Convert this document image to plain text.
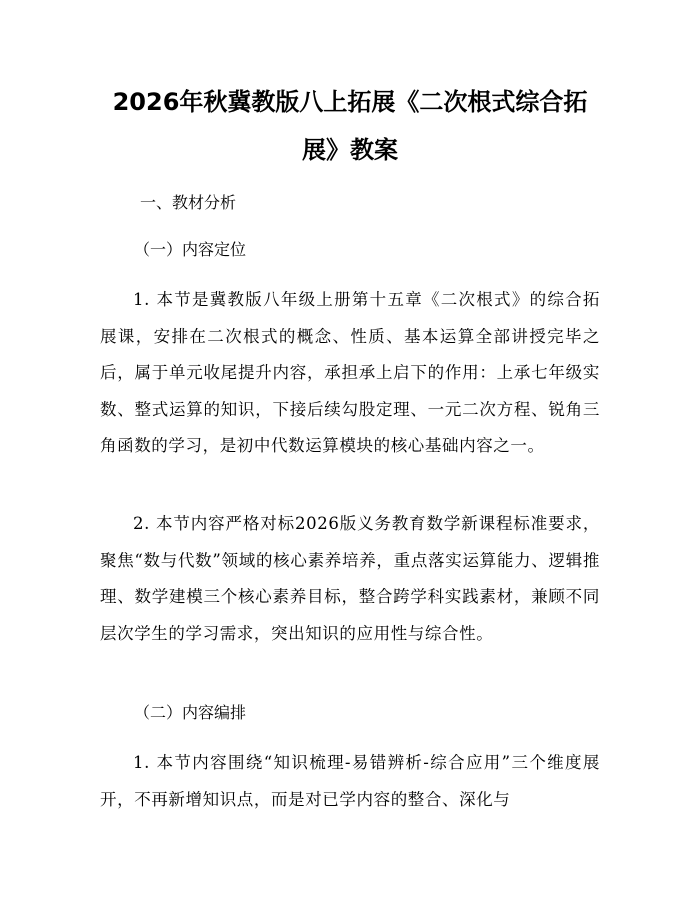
2026年秋冀教版八上拓展《二次根式综合拓
展》教案
一、教材分析
（一）内容定位

1. 本节是冀教版八年级上册第十五章《二次根式》的综合拓展课，安排在二次根式的概念、性质、基本运算全部讲授完毕之后，属于单元收尾提升内容，承担承上启下的作用：上承七年级实数、整式运算的知识，下接后续勾股定理、一元二次方程、锐角三角函数的学习，是初中代数运算模块的核心基础内容之一。

2. 本节内容严格对标2026版义务教育数学新课程标准要求，聚焦“数与代数”领域的核心素养培养，重点落实运算能力、逻辑推理、数学建模三个核心素养目标，整合跨学科实践素材，兼顾不同层次学生的学习需求，突出知识的应用性与综合性。

（二）内容编排

1. 本节内容围绕“知识梳理-易错辨析-综合应用”三个维度展开，不再新增知识点，而是对已学内容的整合、深化与
